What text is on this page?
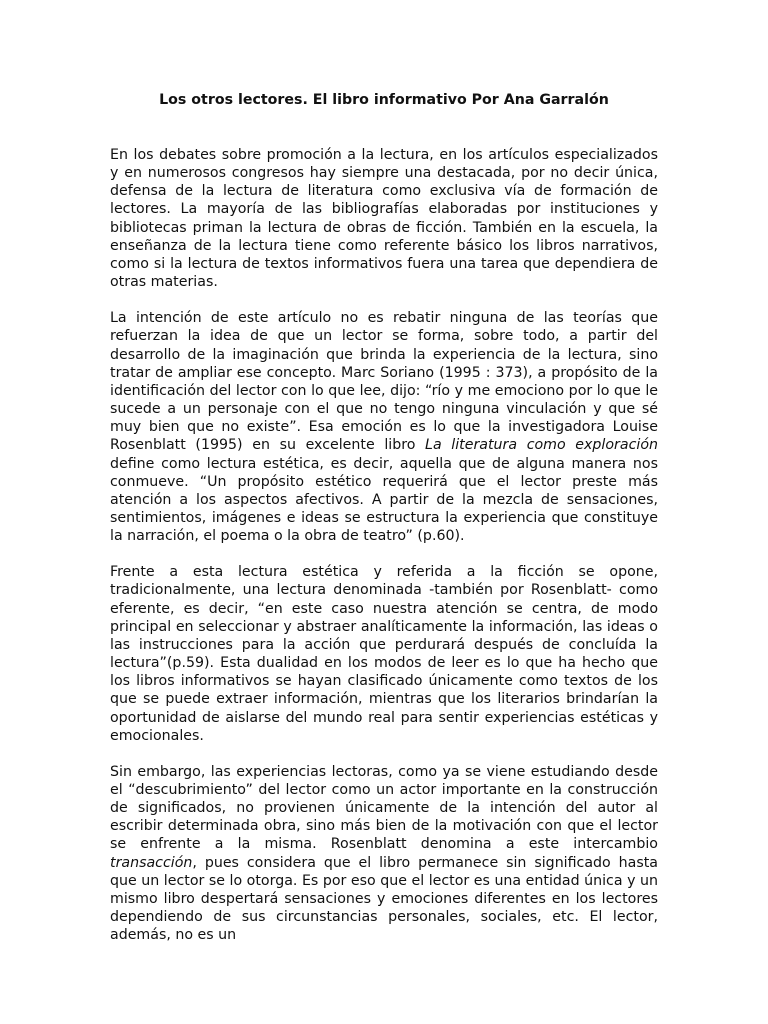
Los otros lectores. El libro informativo Por Ana Garralón

En los debates sobre promoción a la lectura, en los artículos especializados y en numerosos congresos hay siempre una destacada, por no decir única, defensa de la lectura de literatura como exclusiva vía de formación de lectores. La mayoría de las bibliografías elaboradas por instituciones y bibliotecas priman la lectura de obras de ficción. También en la escuela, la enseñanza de la lectura tiene como referente básico los libros narrativos, como si la lectura de textos informativos fuera una tarea que dependiera de otras materias.

La intención de este artículo no es rebatir ninguna de las teorías que refuerzan la idea de que un lector se forma, sobre todo, a partir del desarrollo de la imaginación que brinda la experiencia de la lectura, sino tratar de ampliar ese concepto. Marc Soriano (1995 : 373), a propósito de la identificación del lector con lo que lee, dijo: “río y me emociono por lo que le sucede a un personaje con el que no tengo ninguna vinculación y que sé muy bien que no existe”. Esa emoción es lo que la investigadora Louise Rosenblatt (1995) en su excelente libro La literatura como exploración define como lectura estética, es decir, aquella que de alguna manera nos conmueve. “Un propósito estético requerirá que el lector preste más atención a los aspectos afectivos. A partir de la mezcla de sensaciones, sentimientos, imágenes e ideas se estructura la experiencia que constituye la narración, el poema o la obra de teatro” (p.60).

Frente a esta lectura estética y referida a la ficción se opone, tradicionalmente, una lectura denominada -también por Rosenblatt- como eferente, es decir, “en este caso nuestra atención se centra, de modo principal en seleccionar y abstraer analíticamente la información, las ideas o las instrucciones para la acción que perdurará después de concluída la lectura”(p.59). Esta dualidad en los modos de leer es lo que ha hecho que los libros informativos se hayan clasificado únicamente como textos de los que se puede extraer información, mientras que los literarios brindarían la oportunidad de aislarse del mundo real para sentir experiencias estéticas y emocionales.

Sin embargo, las experiencias lectoras, como ya se viene estudiando desde el “descubrimiento” del lector como un actor importante en la construcción de significados, no provienen únicamente de la intención del autor al escribir determinada obra, sino más bien de la motivación con que el lector se enfrente a la misma. Rosenblatt denomina a este intercambio transacción, pues considera que el libro permanece sin significado hasta que un lector se lo otorga. Es por eso que el lector es una entidad única y un mismo libro despertará sensaciones y emociones diferentes en los lectores dependiendo de sus circunstancias personales, sociales, etc. El lector, además, no es un
